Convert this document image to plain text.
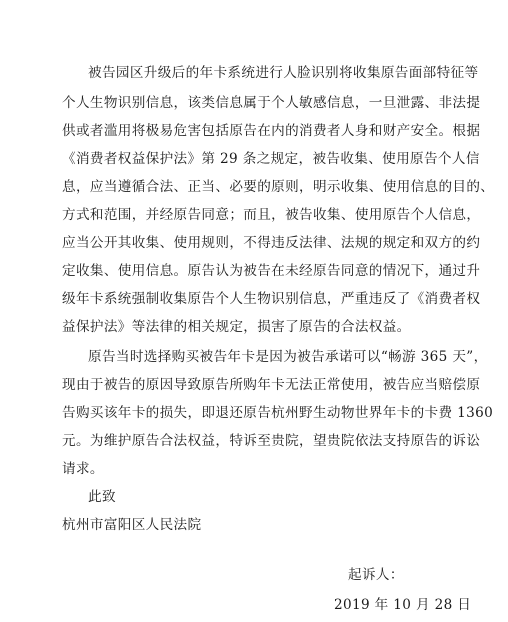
被告园区升级后的年卡系统进行人脸识别将收集原告面部特征等
个人生物识别信息，该类信息属于个人敏感信息，一旦泄露、非法提
供或者滥用将极易危害包括原告在内的消费者人身和财产安全。根据
《消费者权益保护法》第 29 条之规定，被告收集、使用原告个人信
息，应当遵循合法、正当、必要的原则，明示收集、使用信息的目的、
方式和范围，并经原告同意；而且，被告收集、使用原告个人信息，
应当公开其收集、使用规则，不得违反法律、法规的规定和双方的约
定收集、使用信息。原告认为被告在未经原告同意的情况下，通过升
级年卡系统强制收集原告个人生物识别信息，严重违反了《消费者权
益保护法》等法律的相关规定，损害了原告的合法权益。
原告当时选择购买被告年卡是因为被告承诺可以“畅游 365 天”，
现由于被告的原因导致原告所购年卡无法正常使用，被告应当赔偿原
告购买该年卡的损失，即退还原告杭州野生动物世界年卡的卡费 1360
元。为维护原告合法权益，特诉至贵院，望贵院依法支持原告的诉讼
请求。
此致
杭州市富阳区人民法院
起诉人：
2019 年 10 月 28 日
